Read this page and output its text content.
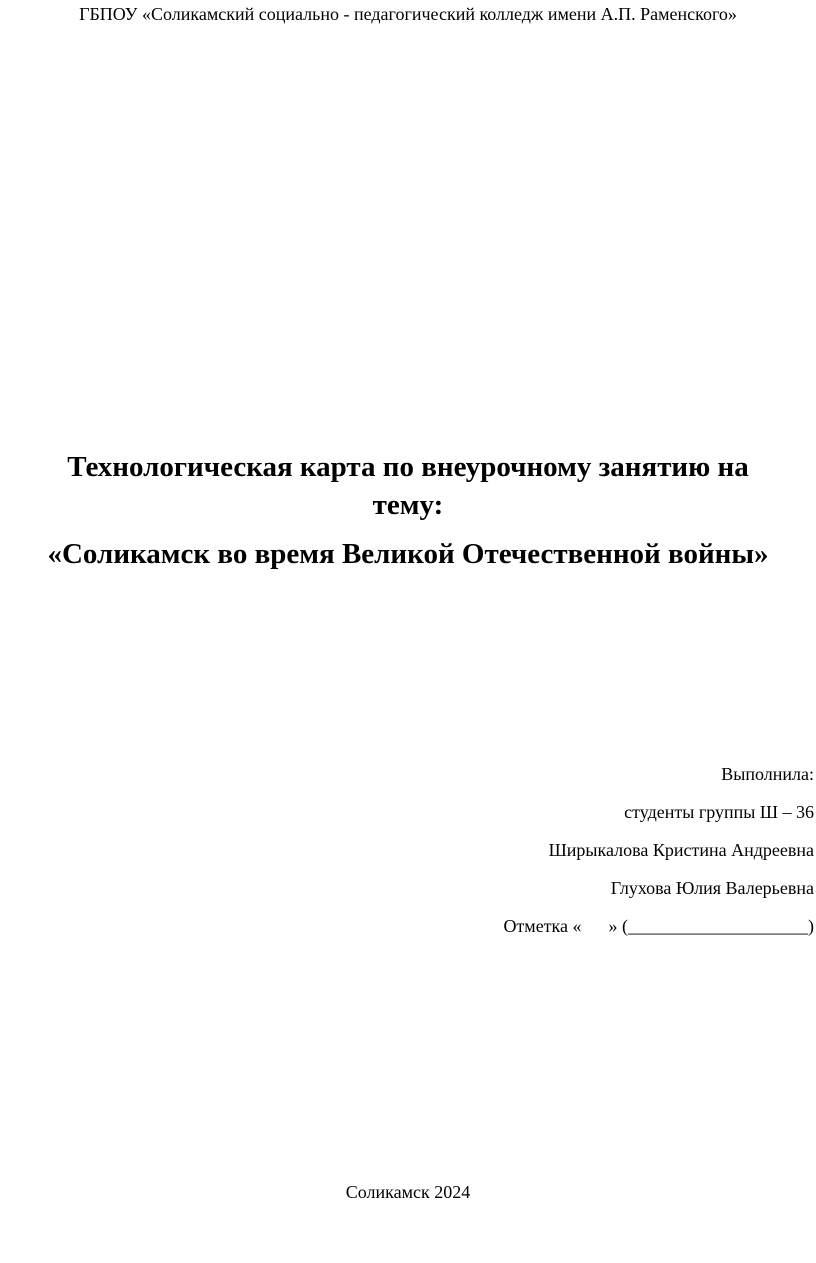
ГБПОУ «Соликамский социально - педагогический колледж имени А.П. Раменского»
Технологическая карта по внеурочному занятию на
тему:
«Соликамск во время Великой Отечественной войны»
Выполнила:
студенты группы Ш – 36
Ширыкалова Кристина Андреевна
Глухова Юлия Валерьевна
Отметка «      » (____________________)
Соликамск 2024
